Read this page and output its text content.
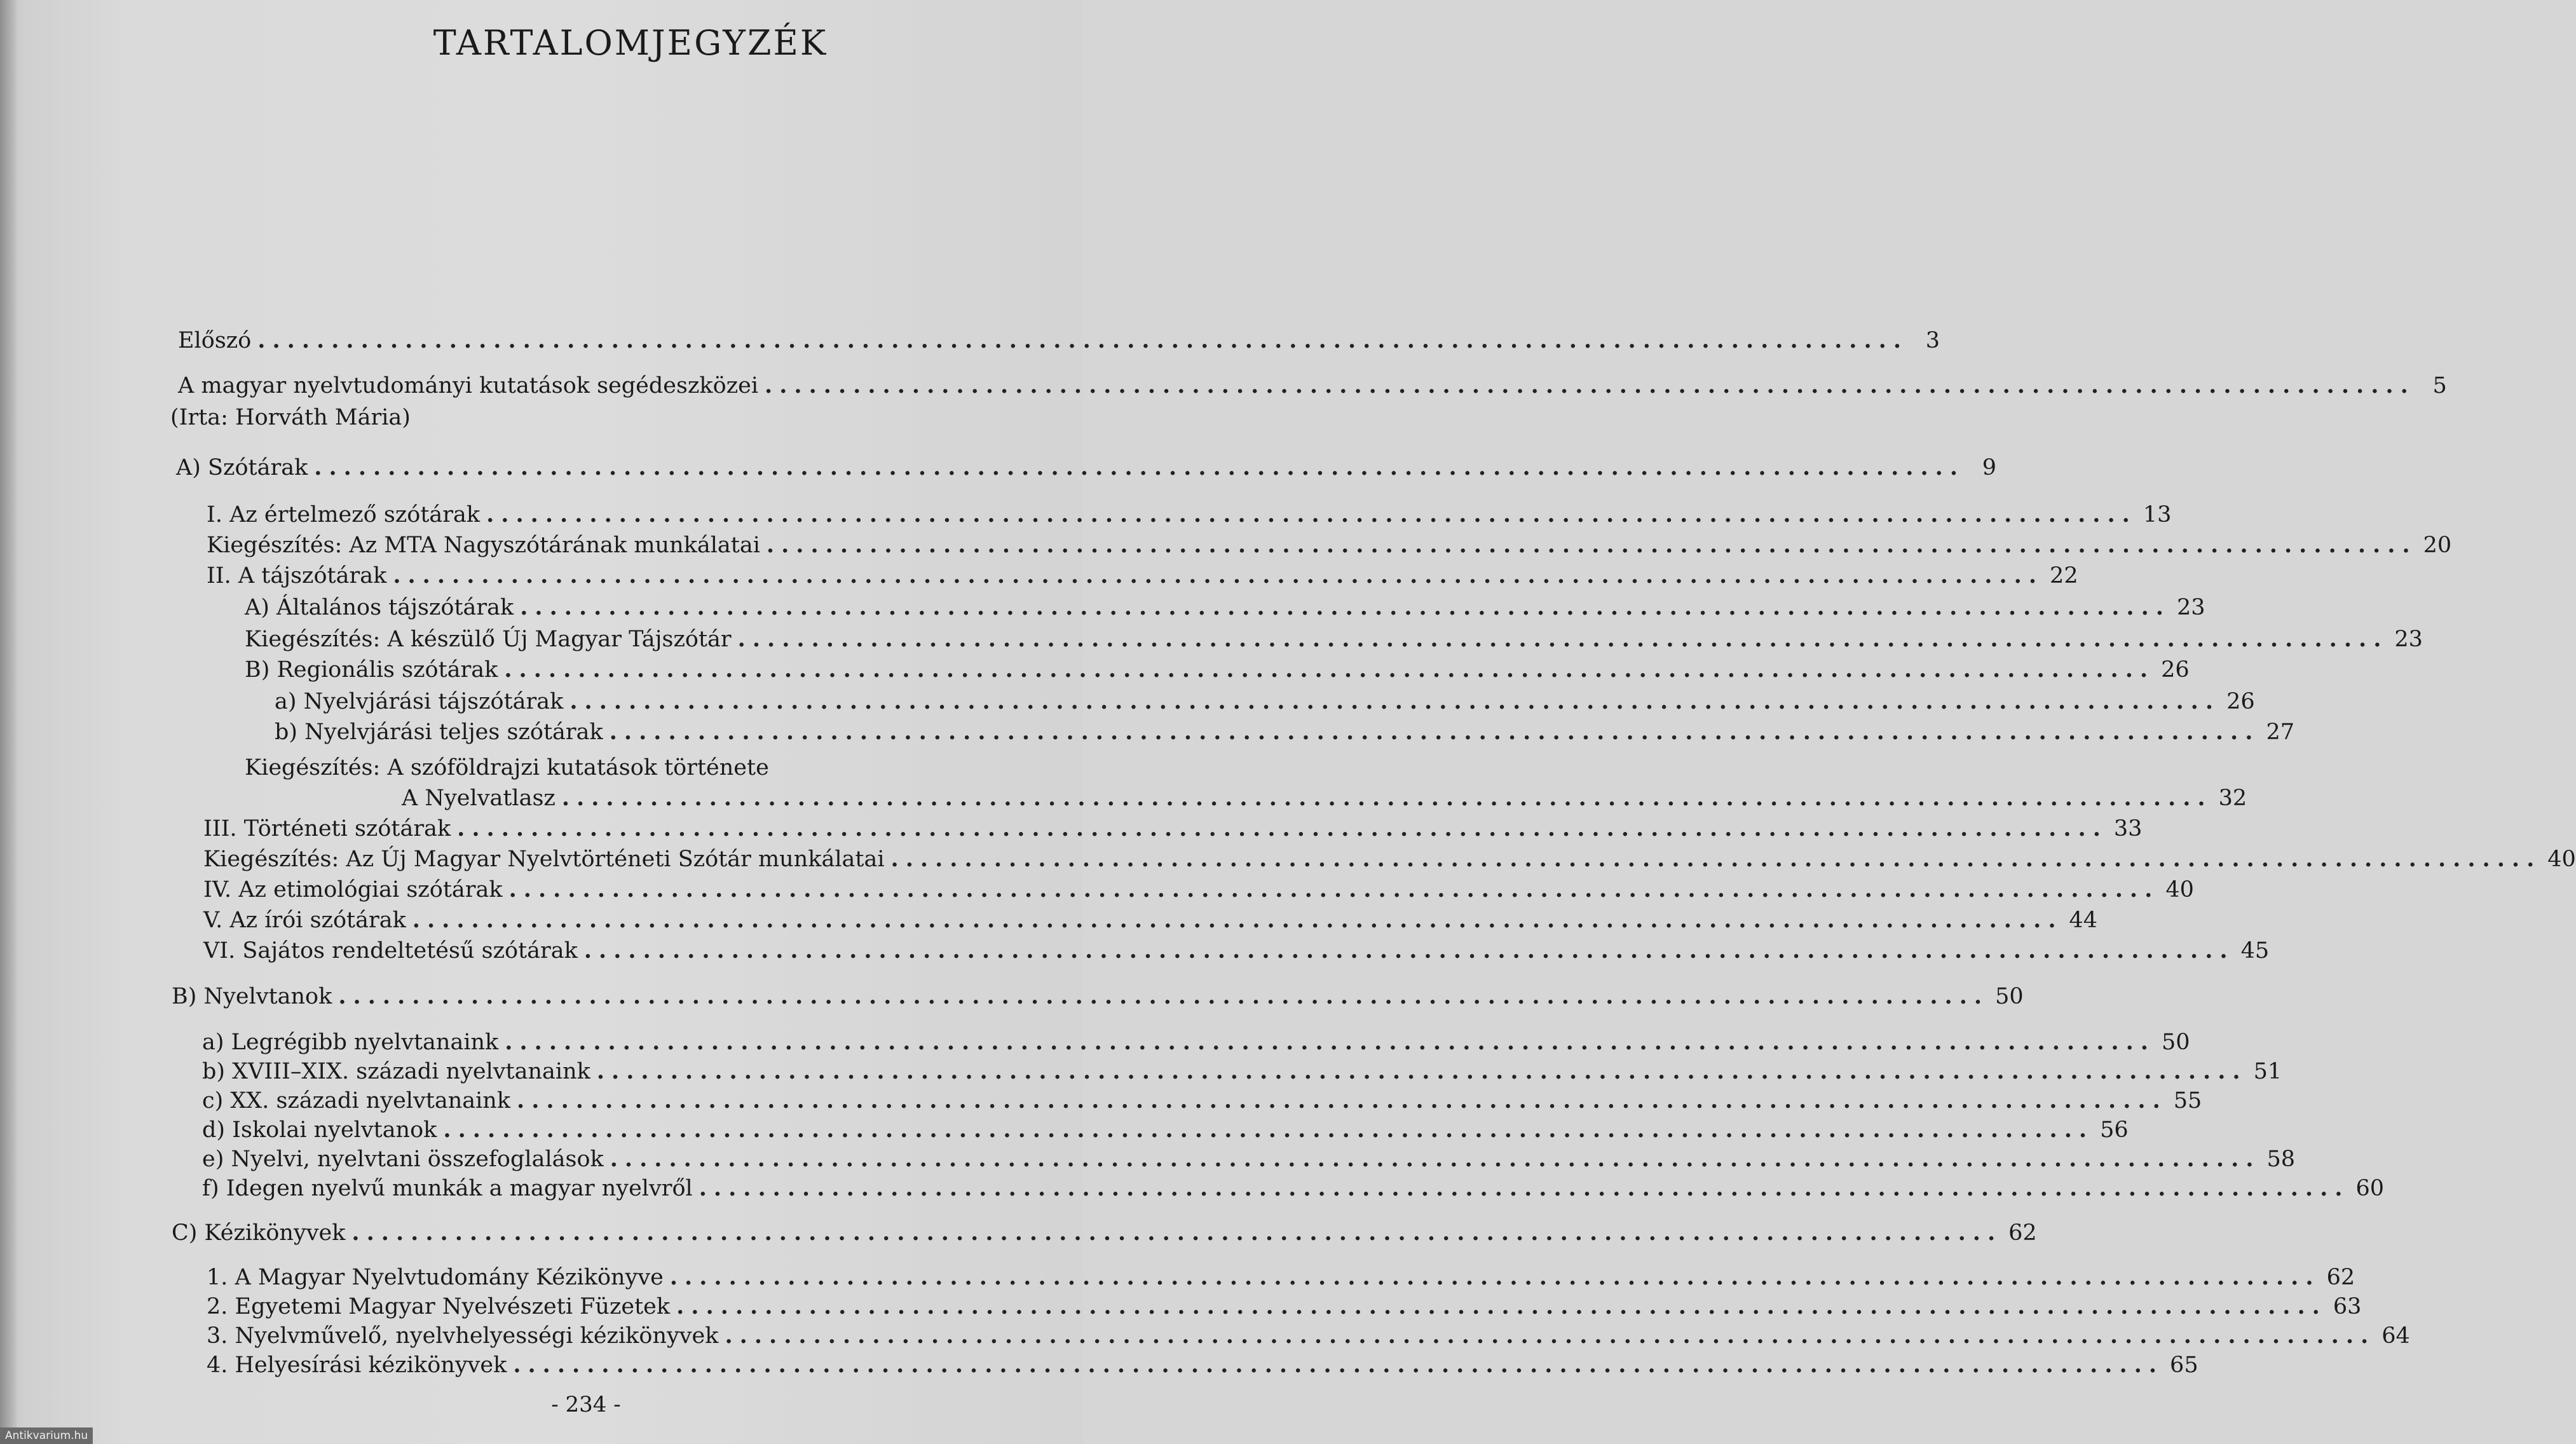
TARTALOMJEGYZÉK
Előszó ................................................................................................................ 3
A magyar nyelvtudományi kutatások segédeszközei ................................................................................................................ 5
(Irta: Horváth Mária)
A) Szótárak ................................................................................................................ 9
I. Az értelmező szótárak ................................................................................................................ 13
Kiegészítés: Az MTA Nagyszótárának munkálatai ................................................................................................................ 20
II. A tájszótárak ................................................................................................................ 22
A) Általános tájszótárak ................................................................................................................ 23
Kiegészítés: A készülő Új Magyar Tájszótár ................................................................................................................ 23
B) Regionális szótárak ................................................................................................................ 26
a) Nyelvjárási tájszótárak ................................................................................................................ 26
b) Nyelvjárási teljes szótárak ................................................................................................................ 27
Kiegészítés: A szóföldrajzi kutatások története
A Nyelvatlasz ................................................................................................................ 32
III. Történeti szótárak ................................................................................................................ 33
Kiegészítés: Az Új Magyar Nyelvtörténeti Szótár munkálatai ................................................................................................................ 40
IV. Az etimológiai szótárak ................................................................................................................ 40
V. Az írói szótárak ................................................................................................................ 44
VI. Sajátos rendeltetésű szótárak ................................................................................................................ 45
B) Nyelvtanok ................................................................................................................ 50
a) Legrégibb nyelvtanaink ................................................................................................................ 50
b) XVIII–XIX. századi nyelvtanaink ................................................................................................................ 51
c) XX. századi nyelvtanaink ................................................................................................................ 55
d) Iskolai nyelvtanok ................................................................................................................ 56
e) Nyelvi, nyelvtani összefoglalások ................................................................................................................ 58
f) Idegen nyelvű munkák a magyar nyelvről ................................................................................................................ 60
C) Kézikönyvek ................................................................................................................ 62
1. A Magyar Nyelvtudomány Kézikönyve ................................................................................................................ 62
2. Egyetemi Magyar Nyelvészeti Füzetek ................................................................................................................ 63
3. Nyelvművelő, nyelvhelyességi kézikönyvek ................................................................................................................ 64
4. Helyesírási kézikönyvek ................................................................................................................ 65
- 234 -
Antikvarium.hu
